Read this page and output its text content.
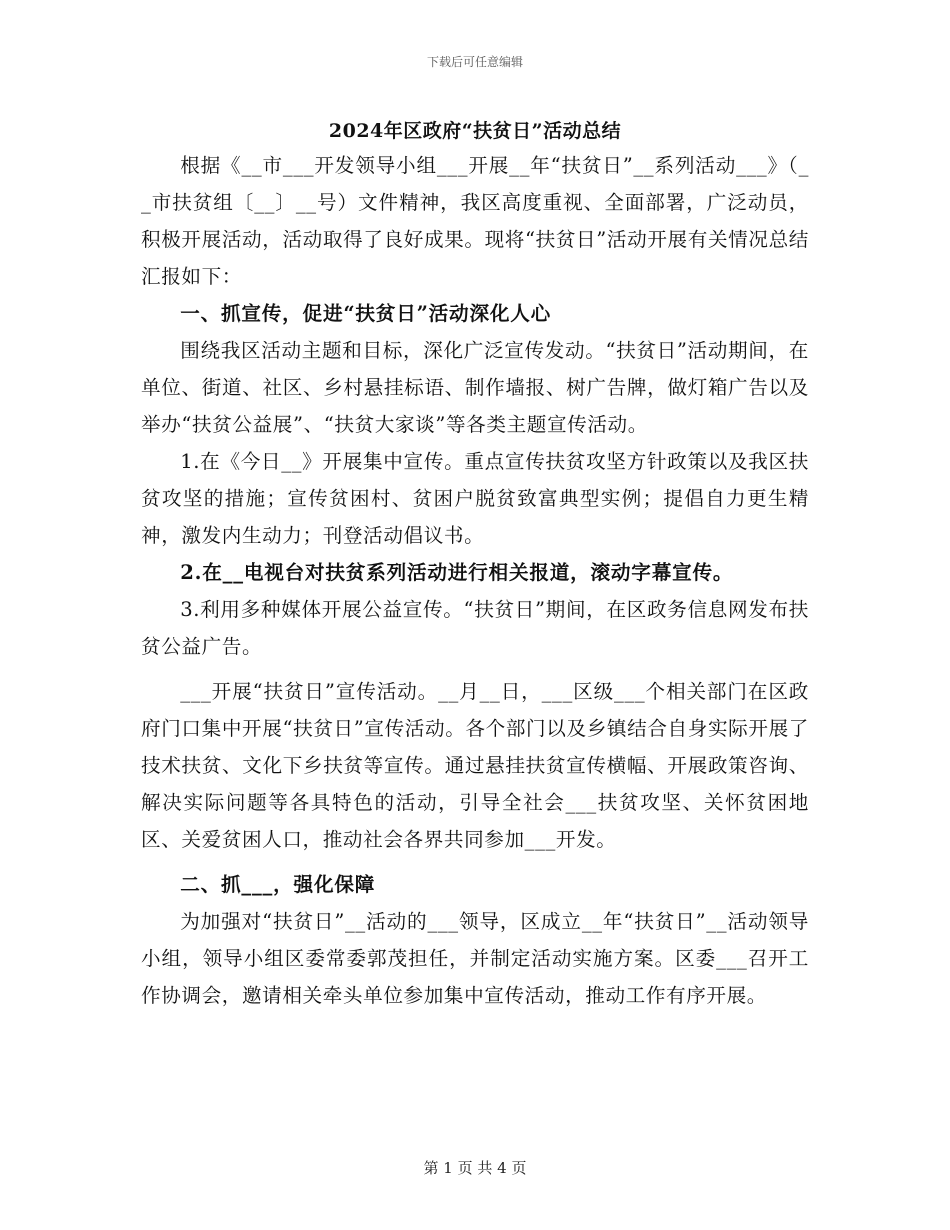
下载后可任意编辑
2024年区政府“扶贫日”活动总结

根据《__市___开发领导小组___开展__年“扶贫日”__系列活动___》（__市扶贫组〔__〕__号）文件精神，我区高度重视、全面部署，广泛动员，积极开展活动，活动取得了良好成果。现将“扶贫日”活动开展有关情况总结汇报如下：

一、抓宣传，促进“扶贫日”活动深化人心

围绕我区活动主题和目标，深化广泛宣传发动。“扶贫日”活动期间，在单位、街道、社区、乡村悬挂标语、制作墙报、树广告牌，做灯箱广告以及举办“扶贫公益展”、“扶贫大家谈”等各类主题宣传活动。

1.在《今日__》开展集中宣传。重点宣传扶贫攻坚方针政策以及我区扶贫攻坚的措施；宣传贫困村、贫困户脱贫致富典型实例；提倡自力更生精神，激发内生动力；刊登活动倡议书。

2.在__电视台对扶贫系列活动进行相关报道，滚动字幕宣传。

3.利用多种媒体开展公益宣传。“扶贫日”期间，在区政务信息网发布扶贫公益广告。

___开展“扶贫日”宣传活动。__月__日，___区级___个相关部门在区政府门口集中开展“扶贫日”宣传活动。各个部门以及乡镇结合自身实际开展了技术扶贫、文化下乡扶贫等宣传。通过悬挂扶贫宣传横幅、开展政策咨询、解决实际问题等各具特色的活动，引导全社会___扶贫攻坚、关怀贫困地区、关爱贫困人口，推动社会各界共同参加___开发。

二、抓___，强化保障

为加强对“扶贫日”__活动的___领导，区成立__年“扶贫日”__活动领导小组，领导小组区委常委郭茂担任，并制定活动实施方案。区委___召开工作协调会，邀请相关牵头单位参加集中宣传活动，推动工作有序开展。

第 1 页 共 4 页
